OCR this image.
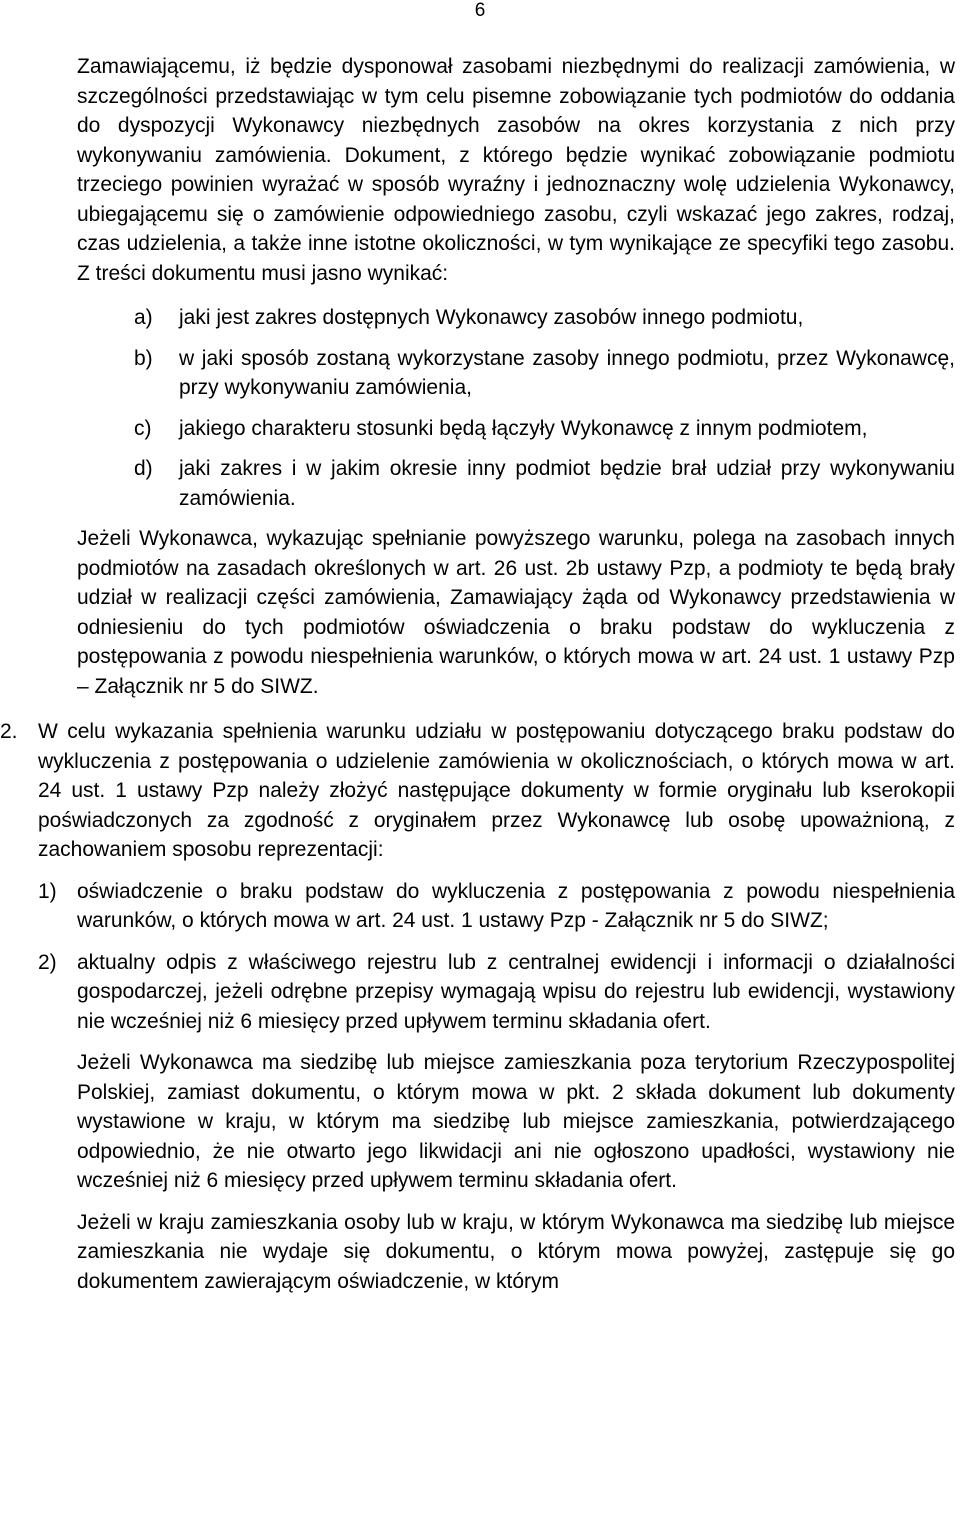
6

Zamawiającemu, iż będzie dysponował zasobami niezbędnymi do realizacji zamówienia, w szczególności przedstawiając w tym celu pisemne zobowiązanie tych podmiotów do oddania do dyspozycji Wykonawcy niezbędnych zasobów na okres korzystania z nich przy wykonywaniu zamówienia. Dokument, z którego będzie wynikać zobowiązanie podmiotu trzeciego powinien wyrażać w sposób wyraźny i jednoznaczny wolę udzielenia Wykonawcy, ubiegającemu się o zamówienie odpowiedniego zasobu, czyli wskazać jego zakres, rodzaj, czas udzielenia, a także inne istotne okoliczności, w tym wynikające ze specyfiki tego zasobu. Z treści dokumentu musi jasno wynikać:

a)	jaki jest zakres dostępnych Wykonawcy zasobów innego podmiotu,
b)	w jaki sposób zostaną wykorzystane zasoby innego podmiotu, przez Wykonawcę, przy wykonywaniu zamówienia,
c)	jakiego charakteru stosunki będą łączyły Wykonawcę z innym podmiotem,
d)	jaki zakres i w jakim okresie inny podmiot będzie brał udział przy wykonywaniu zamówienia.

Jeżeli Wykonawca, wykazując spełnianie powyższego warunku, polega na zasobach innych podmiotów na zasadach określonych w art. 26 ust. 2b ustawy Pzp, a podmioty te będą brały udział w realizacji części zamówienia, Zamawiający żąda od Wykonawcy przedstawienia w odniesieniu do tych podmiotów oświadczenia o braku podstaw do wykluczenia z postępowania z powodu niespełnienia warunków, o których mowa w art. 24 ust. 1 ustawy Pzp – Załącznik nr 5 do SIWZ.

2. W celu wykazania spełnienia warunku udziału w postępowaniu dotyczącego braku podstaw do wykluczenia z postępowania o udzielenie zamówienia w okolicznościach, o których mowa w art. 24 ust. 1 ustawy Pzp należy złożyć następujące dokumenty w formie oryginału lub kserokopii poświadczonych za zgodność z oryginałem przez Wykonawcę lub osobę upoważnioną, z zachowaniem sposobu reprezentacji:
1) oświadczenie o braku podstaw do wykluczenia z postępowania z powodu niespełnienia warunków, o których mowa w art. 24 ust. 1 ustawy Pzp - Załącznik nr 5 do SIWZ;
2) aktualny odpis z właściwego rejestru lub z centralnej ewidencji i informacji o działalności gospodarczej, jeżeli odrębne przepisy wymagają wpisu do rejestru lub ewidencji, wystawiony nie wcześniej niż 6 miesięcy przed upływem terminu składania ofert.

Jeżeli Wykonawca ma siedzibę lub miejsce zamieszkania poza terytorium Rzeczypospolitej Polskiej, zamiast dokumentu, o którym mowa w pkt. 2 składa dokument lub dokumenty wystawione w kraju, w którym ma siedzibę lub miejsce zamieszkania, potwierdzającego odpowiednio, że nie otwarto jego likwidacji ani nie ogłoszono upadłości, wystawiony nie wcześniej niż 6 miesięcy przed upływem terminu składania ofert.

Jeżeli w kraju zamieszkania osoby lub w kraju, w którym Wykonawca ma siedzibę lub miejsce zamieszkania nie wydaje się dokumentu, o którym mowa powyżej, zastępuje się go dokumentem zawierającym oświadczenie, w którym
